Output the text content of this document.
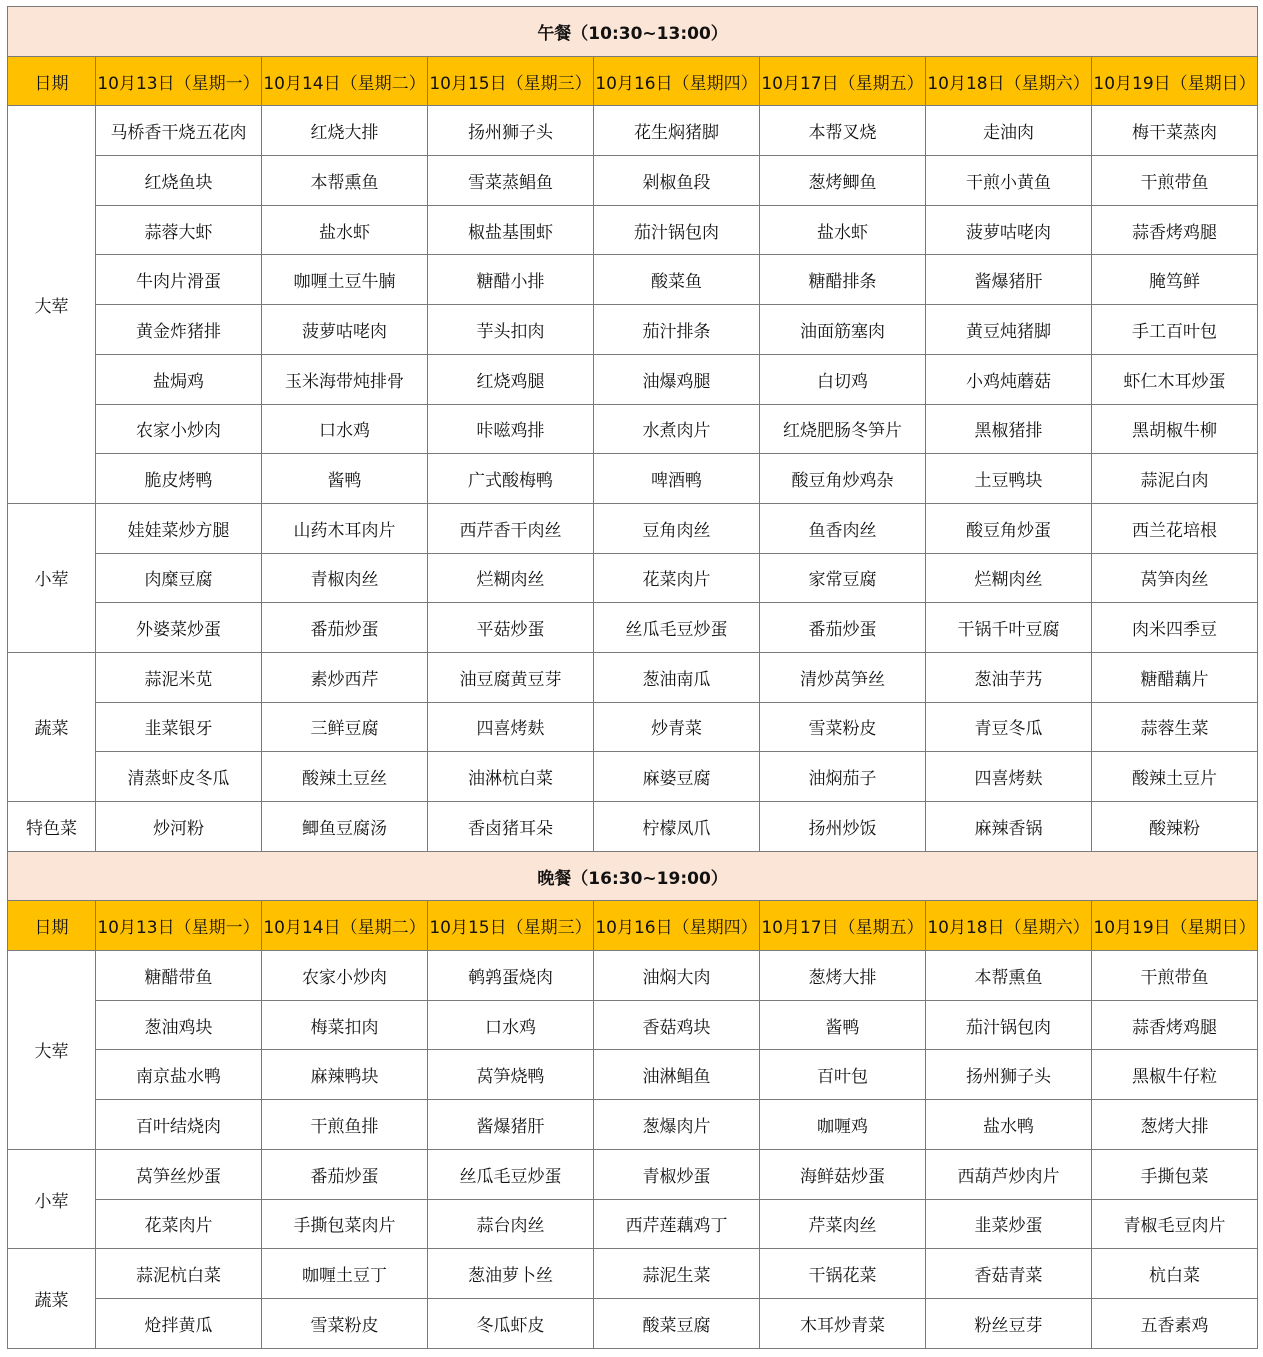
午餐（10:30~13:00）							
日期	10月13日（星期一）	10月14日（星期二）	10月15日（星期三）	10月16日（星期四）	10月17日（星期五）	10月18日（星期六）	10月19日（星期日）
大荤	马桥香干烧五花肉	红烧大排	扬州狮子头	花生焖猪脚	本帮叉烧	走油肉	梅干菜蒸肉
	红烧鱼块	本帮熏鱼	雪菜蒸鲳鱼	剁椒鱼段	葱烤鲫鱼	干煎小黄鱼	干煎带鱼
	蒜蓉大虾	盐水虾	椒盐基围虾	茄汁锅包肉	盐水虾	菠萝咕咾肉	蒜香烤鸡腿
	牛肉片滑蛋	咖喱土豆牛腩	糖醋小排	酸菜鱼	糖醋排条	酱爆猪肝	腌笃鲜
	黄金炸猪排	菠萝咕咾肉	芋头扣肉	茄汁排条	油面筋塞肉	黄豆炖猪脚	手工百叶包
	盐焗鸡	玉米海带炖排骨	红烧鸡腿	油爆鸡腿	白切鸡	小鸡炖蘑菇	虾仁木耳炒蛋
	农家小炒肉	口水鸡	咔嗞鸡排	水煮肉片	红烧肥肠冬笋片	黑椒猪排	黑胡椒牛柳
	脆皮烤鸭	酱鸭	广式酸梅鸭	啤酒鸭	酸豆角炒鸡杂	土豆鸭块	蒜泥白肉
小荤	娃娃菜炒方腿	山药木耳肉片	西芹香干肉丝	豆角肉丝	鱼香肉丝	酸豆角炒蛋	西兰花培根
	肉糜豆腐	青椒肉丝	烂糊肉丝	花菜肉片	家常豆腐	烂糊肉丝	莴笋肉丝
	外婆菜炒蛋	番茄炒蛋	平菇炒蛋	丝瓜毛豆炒蛋	番茄炒蛋	干锅千叶豆腐	肉米四季豆
蔬菜	蒜泥米苋	素炒西芹	油豆腐黄豆芽	葱油南瓜	清炒莴笋丝	葱油芋艿	糖醋藕片
	韭菜银牙	三鲜豆腐	四喜烤麸	炒青菜	雪菜粉皮	青豆冬瓜	蒜蓉生菜
	清蒸虾皮冬瓜	酸辣土豆丝	油淋杭白菜	麻婆豆腐	油焖茄子	四喜烤麸	酸辣土豆片
特色菜	炒河粉	鲫鱼豆腐汤	香卤猪耳朵	柠檬凤爪	扬州炒饭	麻辣香锅	酸辣粉
晚餐（16:30~19:00）							
日期	10月13日（星期一）	10月14日（星期二）	10月15日（星期三）	10月16日（星期四）	10月17日（星期五）	10月18日（星期六）	10月19日（星期日）
大荤	糖醋带鱼	农家小炒肉	鹌鹑蛋烧肉	油焖大肉	葱烤大排	本帮熏鱼	干煎带鱼
	葱油鸡块	梅菜扣肉	口水鸡	香菇鸡块	酱鸭	茄汁锅包肉	蒜香烤鸡腿
	南京盐水鸭	麻辣鸭块	莴笋烧鸭	油淋鲳鱼	百叶包	扬州狮子头	黑椒牛仔粒
	百叶结烧肉	干煎鱼排	酱爆猪肝	葱爆肉片	咖喱鸡	盐水鸭	葱烤大排
小荤	莴笋丝炒蛋	番茄炒蛋	丝瓜毛豆炒蛋	青椒炒蛋	海鲜菇炒蛋	西葫芦炒肉片	手撕包菜
	花菜肉片	手撕包菜肉片	蒜台肉丝	西芹莲藕鸡丁	芹菜肉丝	韭菜炒蛋	青椒毛豆肉片
蔬菜	蒜泥杭白菜	咖喱土豆丁	葱油萝卜丝	蒜泥生菜	干锅花菜	香菇青菜	杭白菜
	炝拌黄瓜	雪菜粉皮	冬瓜虾皮	酸菜豆腐	木耳炒青菜	粉丝豆芽	五香素鸡
